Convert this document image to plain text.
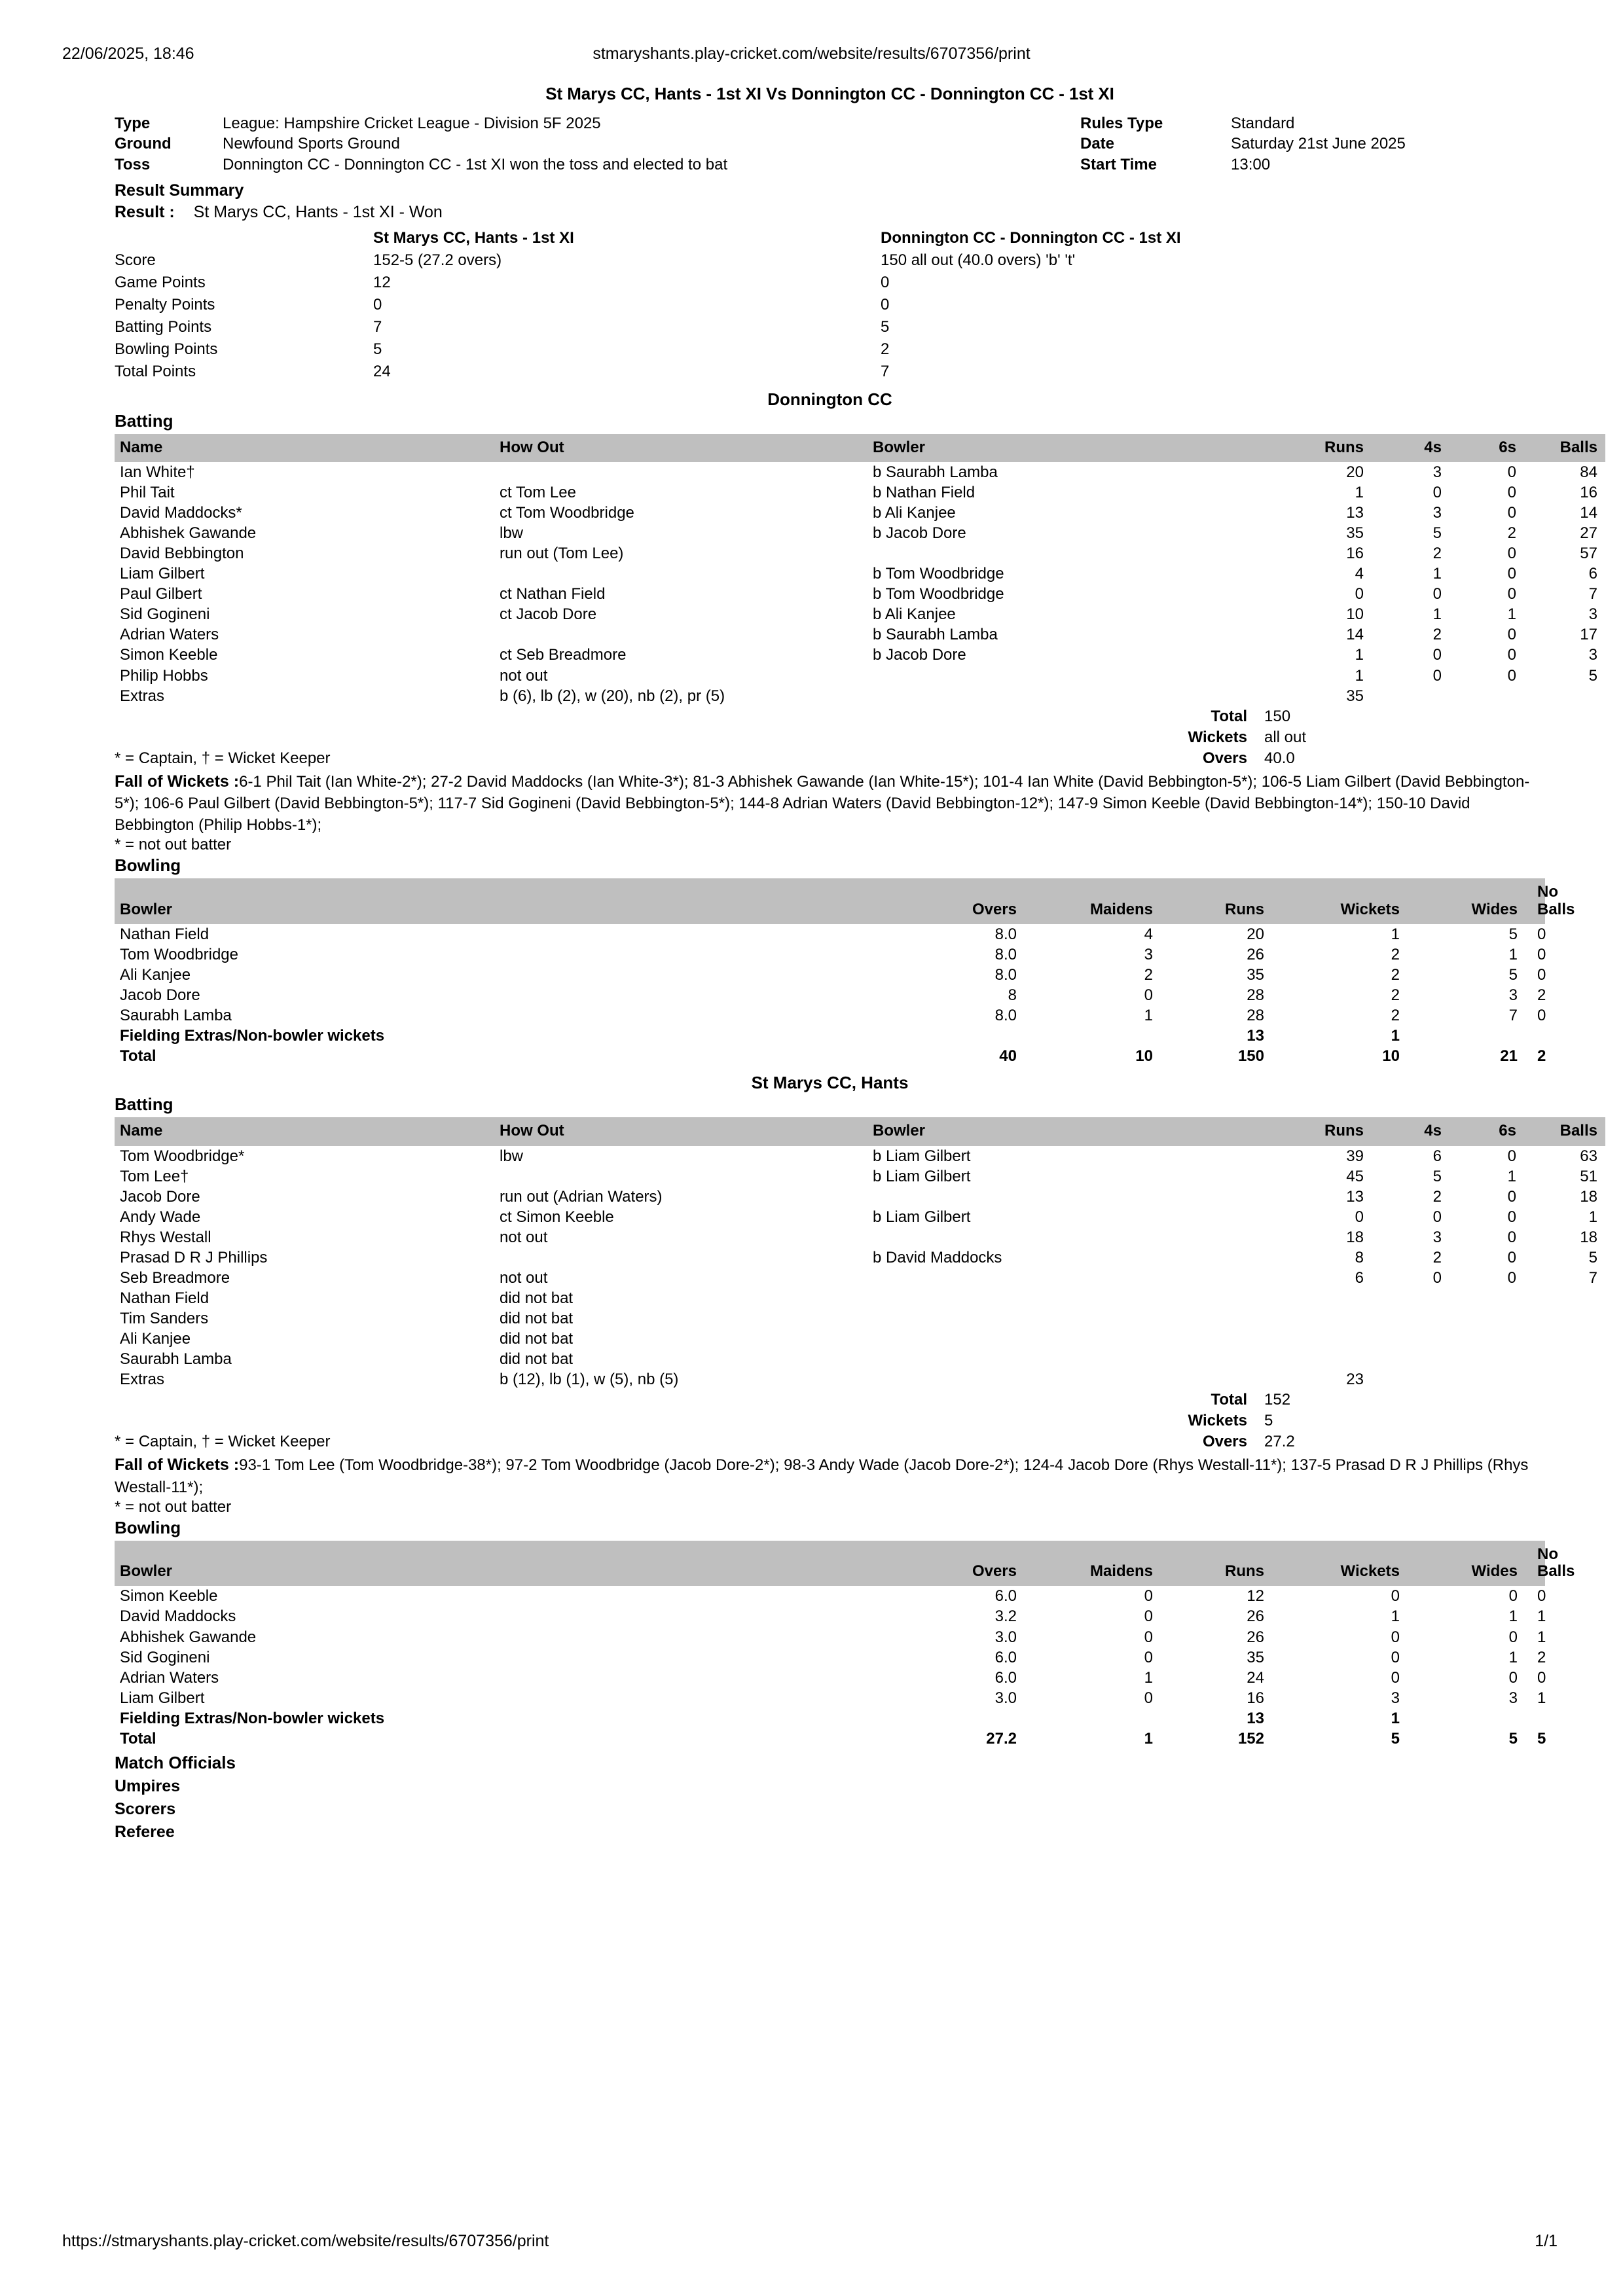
22/06/2025, 18:46	stmaryshants.play-cricket.com/website/results/6707356/print
St Marys CC, Hants - 1st XI Vs Donnington CC - Donnington CC - 1st XI
Type	League: Hampshire Cricket League - Division 5F 2025	Rules Type	Standard
Ground	Newfound Sports Ground	Date	Saturday 21st June 2025
Toss	Donnington CC - Donnington CC - 1st XI won the toss and elected to bat	Start Time	13:00
Result Summary
Result : St Marys CC, Hants - 1st XI - Won
	St Marys CC, Hants - 1st XI	Donnington CC - Donnington CC - 1st XI
Score	152-5 (27.2 overs)	150 all out (40.0 overs) 'b' 't'
Game Points	12	0
Penalty Points	0	0
Batting Points	7	5
Bowling Points	5	2
Total Points	24	7
Donnington CC
Batting
Name	How Out	Bowler	Runs	4s	6s	Balls
Ian White†		b Saurabh Lamba	20	3	0	84
Phil Tait	ct Tom Lee	b Nathan Field	1	0	0	16
David Maddocks*	ct Tom Woodbridge	b Ali Kanjee	13	3	0	14
Abhishek Gawande	lbw	b Jacob Dore	35	5	2	27
David Bebbington	run out (Tom Lee)		16	2	0	57
Liam Gilbert		b Tom Woodbridge	4	1	0	6
Paul Gilbert	ct Nathan Field	b Tom Woodbridge	0	0	0	7
Sid Gogineni	ct Jacob Dore	b Ali Kanjee	10	1	1	3
Adrian Waters		b Saurabh Lamba	14	2	0	17
Simon Keeble	ct Seb Breadmore	b Jacob Dore	1	0	0	3
Philip Hobbs	not out		1	0	0	5
Extras	b (6), lb (2), w (20), nb (2), pr (5)		35			
	Total	150
	Wickets	all out
* = Captain, † = Wicket Keeper	Overs	40.0
Fall of Wickets :6-1 Phil Tait (Ian White-2*); 27-2 David Maddocks (Ian White-3*); 81-3 Abhishek Gawande (Ian White-15*); 101-4 Ian White (David Bebbington-5*); 106-5 Liam Gilbert (David Bebbington-5*); 106-6 Paul Gilbert (David Bebbington-5*); 117-7 Sid Gogineni (David Bebbington-5*); 144-8 Adrian Waters (David Bebbington-12*); 147-9 Simon Keeble (David Bebbington-14*); 150-10 David Bebbington (Philip Hobbs-1*);
* = not out batter
Bowling
Bowler	Overs	Maidens	Runs	Wickets	Wides	No Balls
Nathan Field	8.0	4	20	1	5	0
Tom Woodbridge	8.0	3	26	2	1	0
Ali Kanjee	8.0	2	35	2	5	0
Jacob Dore	8	0	28	2	3	2
Saurabh Lamba	8.0	1	28	2	7	0
Fielding Extras/Non-bowler wickets			13	1		
Total	40	10	150	10	21	2
St Marys CC, Hants
Batting
Name	How Out	Bowler	Runs	4s	6s	Balls
Tom Woodbridge*	lbw	b Liam Gilbert	39	6	0	63
Tom Lee†		b Liam Gilbert	45	5	1	51
Jacob Dore	run out (Adrian Waters)		13	2	0	18
Andy Wade	ct Simon Keeble	b Liam Gilbert	0	0	0	1
Rhys Westall	not out		18	3	0	18
Prasad D R J Phillips		b David Maddocks	8	2	0	5
Seb Breadmore	not out		6	0	0	7
Nathan Field	did not bat					
Tim Sanders	did not bat					
Ali Kanjee	did not bat					
Saurabh Lamba	did not bat					
Extras	b (12), lb (1), w (5), nb (5)		23			
	Total	152
	Wickets	5
* = Captain, † = Wicket Keeper	Overs	27.2
Fall of Wickets :93-1 Tom Lee (Tom Woodbridge-38*); 97-2 Tom Woodbridge (Jacob Dore-2*); 98-3 Andy Wade (Jacob Dore-2*); 124-4 Jacob Dore (Rhys Westall-11*); 137-5 Prasad D R J Phillips (Rhys Westall-11*);
* = not out batter
Bowling
Bowler	Overs	Maidens	Runs	Wickets	Wides	No Balls
Simon Keeble	6.0	0	12	0	0	0
David Maddocks	3.2	0	26	1	1	1
Abhishek Gawande	3.0	0	26	0	0	1
Sid Gogineni	6.0	0	35	0	1	2
Adrian Waters	6.0	1	24	0	0	0
Liam Gilbert	3.0	0	16	3	3	1
Fielding Extras/Non-bowler wickets			13	1		
Total	27.2	1	152	5	5	5
Match Officials
Umpires
Scorers
Referee
https://stmaryshants.play-cricket.com/website/results/6707356/print	1/1
